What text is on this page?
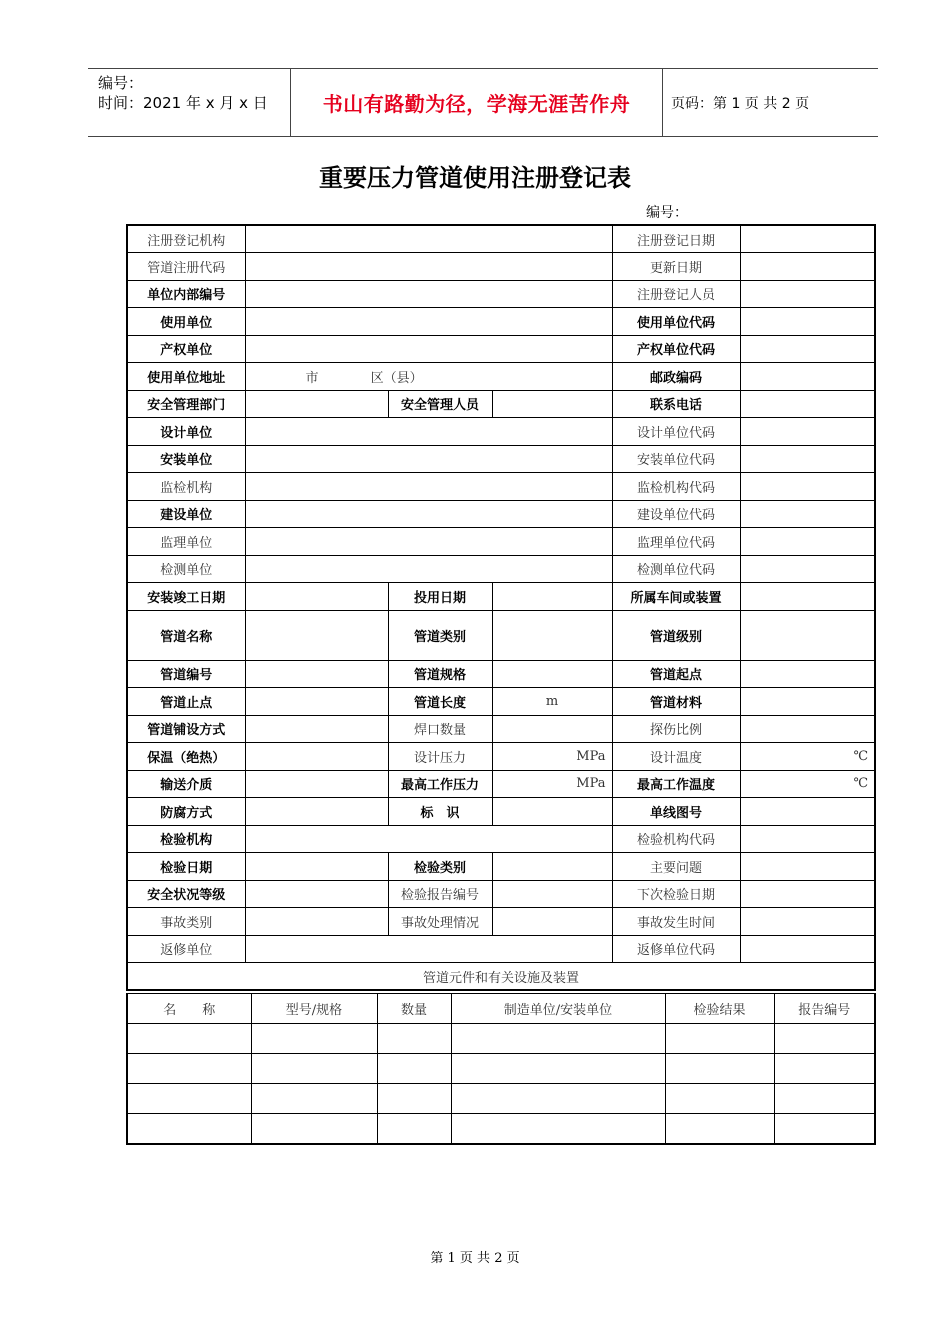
编号：
时间：2021 年 x 月 x 日	书山有路勤为径，学海无涯苦作舟	页码：第 1 页 共 2 页
重要压力管道使用注册登记表
编号：
注册登记机构				注册登记日期	
管道注册代码				更新日期	
单位内部编号				注册登记人员	
使用单位				使用单位代码	
产权单位				产权单位代码	
使用单位地址	市 区（县）			邮政编码	
安全管理部门		安全管理人员		联系电话	
设计单位				设计单位代码	
安装单位				安装单位代码	
监检机构				监检机构代码	
建设单位				建设单位代码	
监理单位				监理单位代码	
检测单位				检测单位代码	
安装竣工日期		投用日期		所属车间或装置	
管道名称		管道类别		管道级别	
管道编号		管道规格		管道起点	
管道止点		管道长度	m	管道材料	
管道铺设方式		焊口数量		探伤比例	
保温（绝热）		设计压力	MPa	设计温度	℃
输送介质		最高工作压力	MPa	最高工作温度	℃
防腐方式		标　识		单线图号	
检验机构				检验机构代码	
检验日期		检验类别		主要问题	
安全状况等级		检验报告编号		下次检验日期	
事故类别		事故处理情况		事故发生时间	
返修单位				返修单位代码	
管道元件和有关设施及装置					
名　　称	型号/规格	数量	制造单位/安装单位	检验结果	报告编号

第 1 页 共 2 页
